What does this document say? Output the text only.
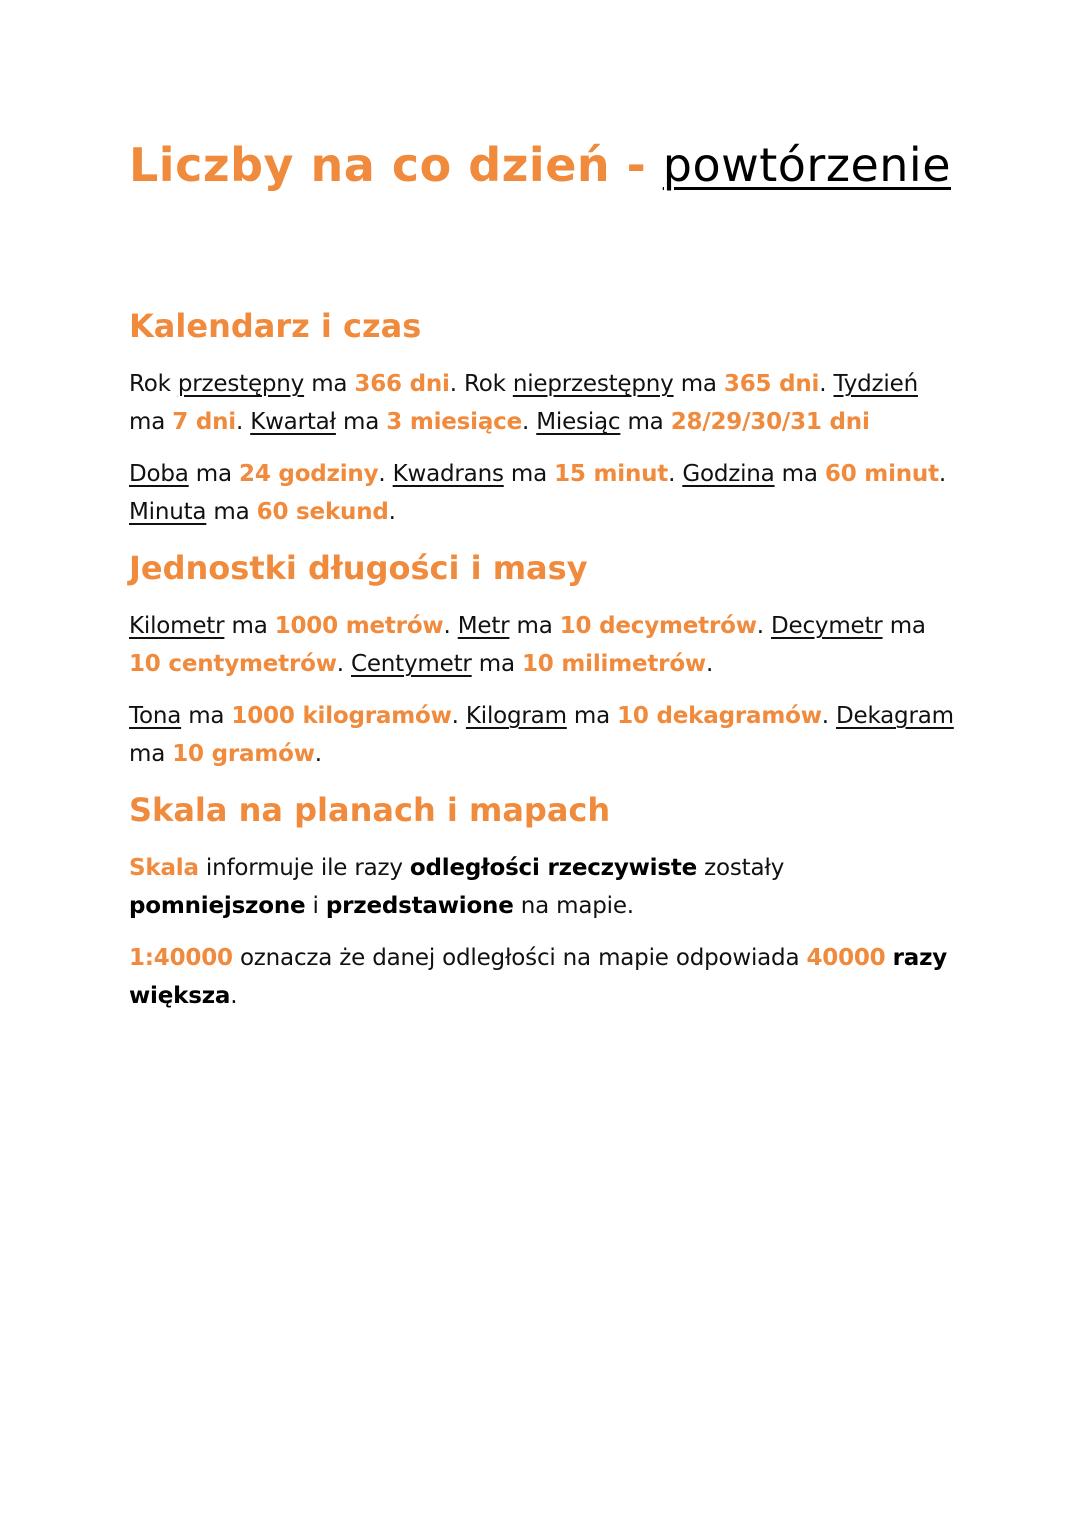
Liczby na co dzień - powtórzenie
Kalendarz i czas

Rok przestępny ma 366 dni. Rok nieprzestępny ma 365 dni. Tydzień ma 7 dni. Kwartał ma 3 miesiące. Miesiąc ma 28/29/30/31 dni

Doba ma 24 godziny. Kwadrans ma 15 minut. Godzina ma 60 minut. Minuta ma 60 sekund.

Jednostki długości i masy

Kilometr ma 1000 metrów. Metr ma 10 decymetrów. Decymetr ma 10 centymetrów. Centymetr ma 10 milimetrów.

Tona ma 1000 kilogramów. Kilogram ma 10 dekagramów. Dekagram ma 10 gramów.

Skala na planach i mapach

Skala informuje ile razy odległości rzeczywiste zostały pomniejszone i przedstawione na mapie.

1:40000 oznacza że danej odległości na mapie odpowiada 40000 razy większa.
